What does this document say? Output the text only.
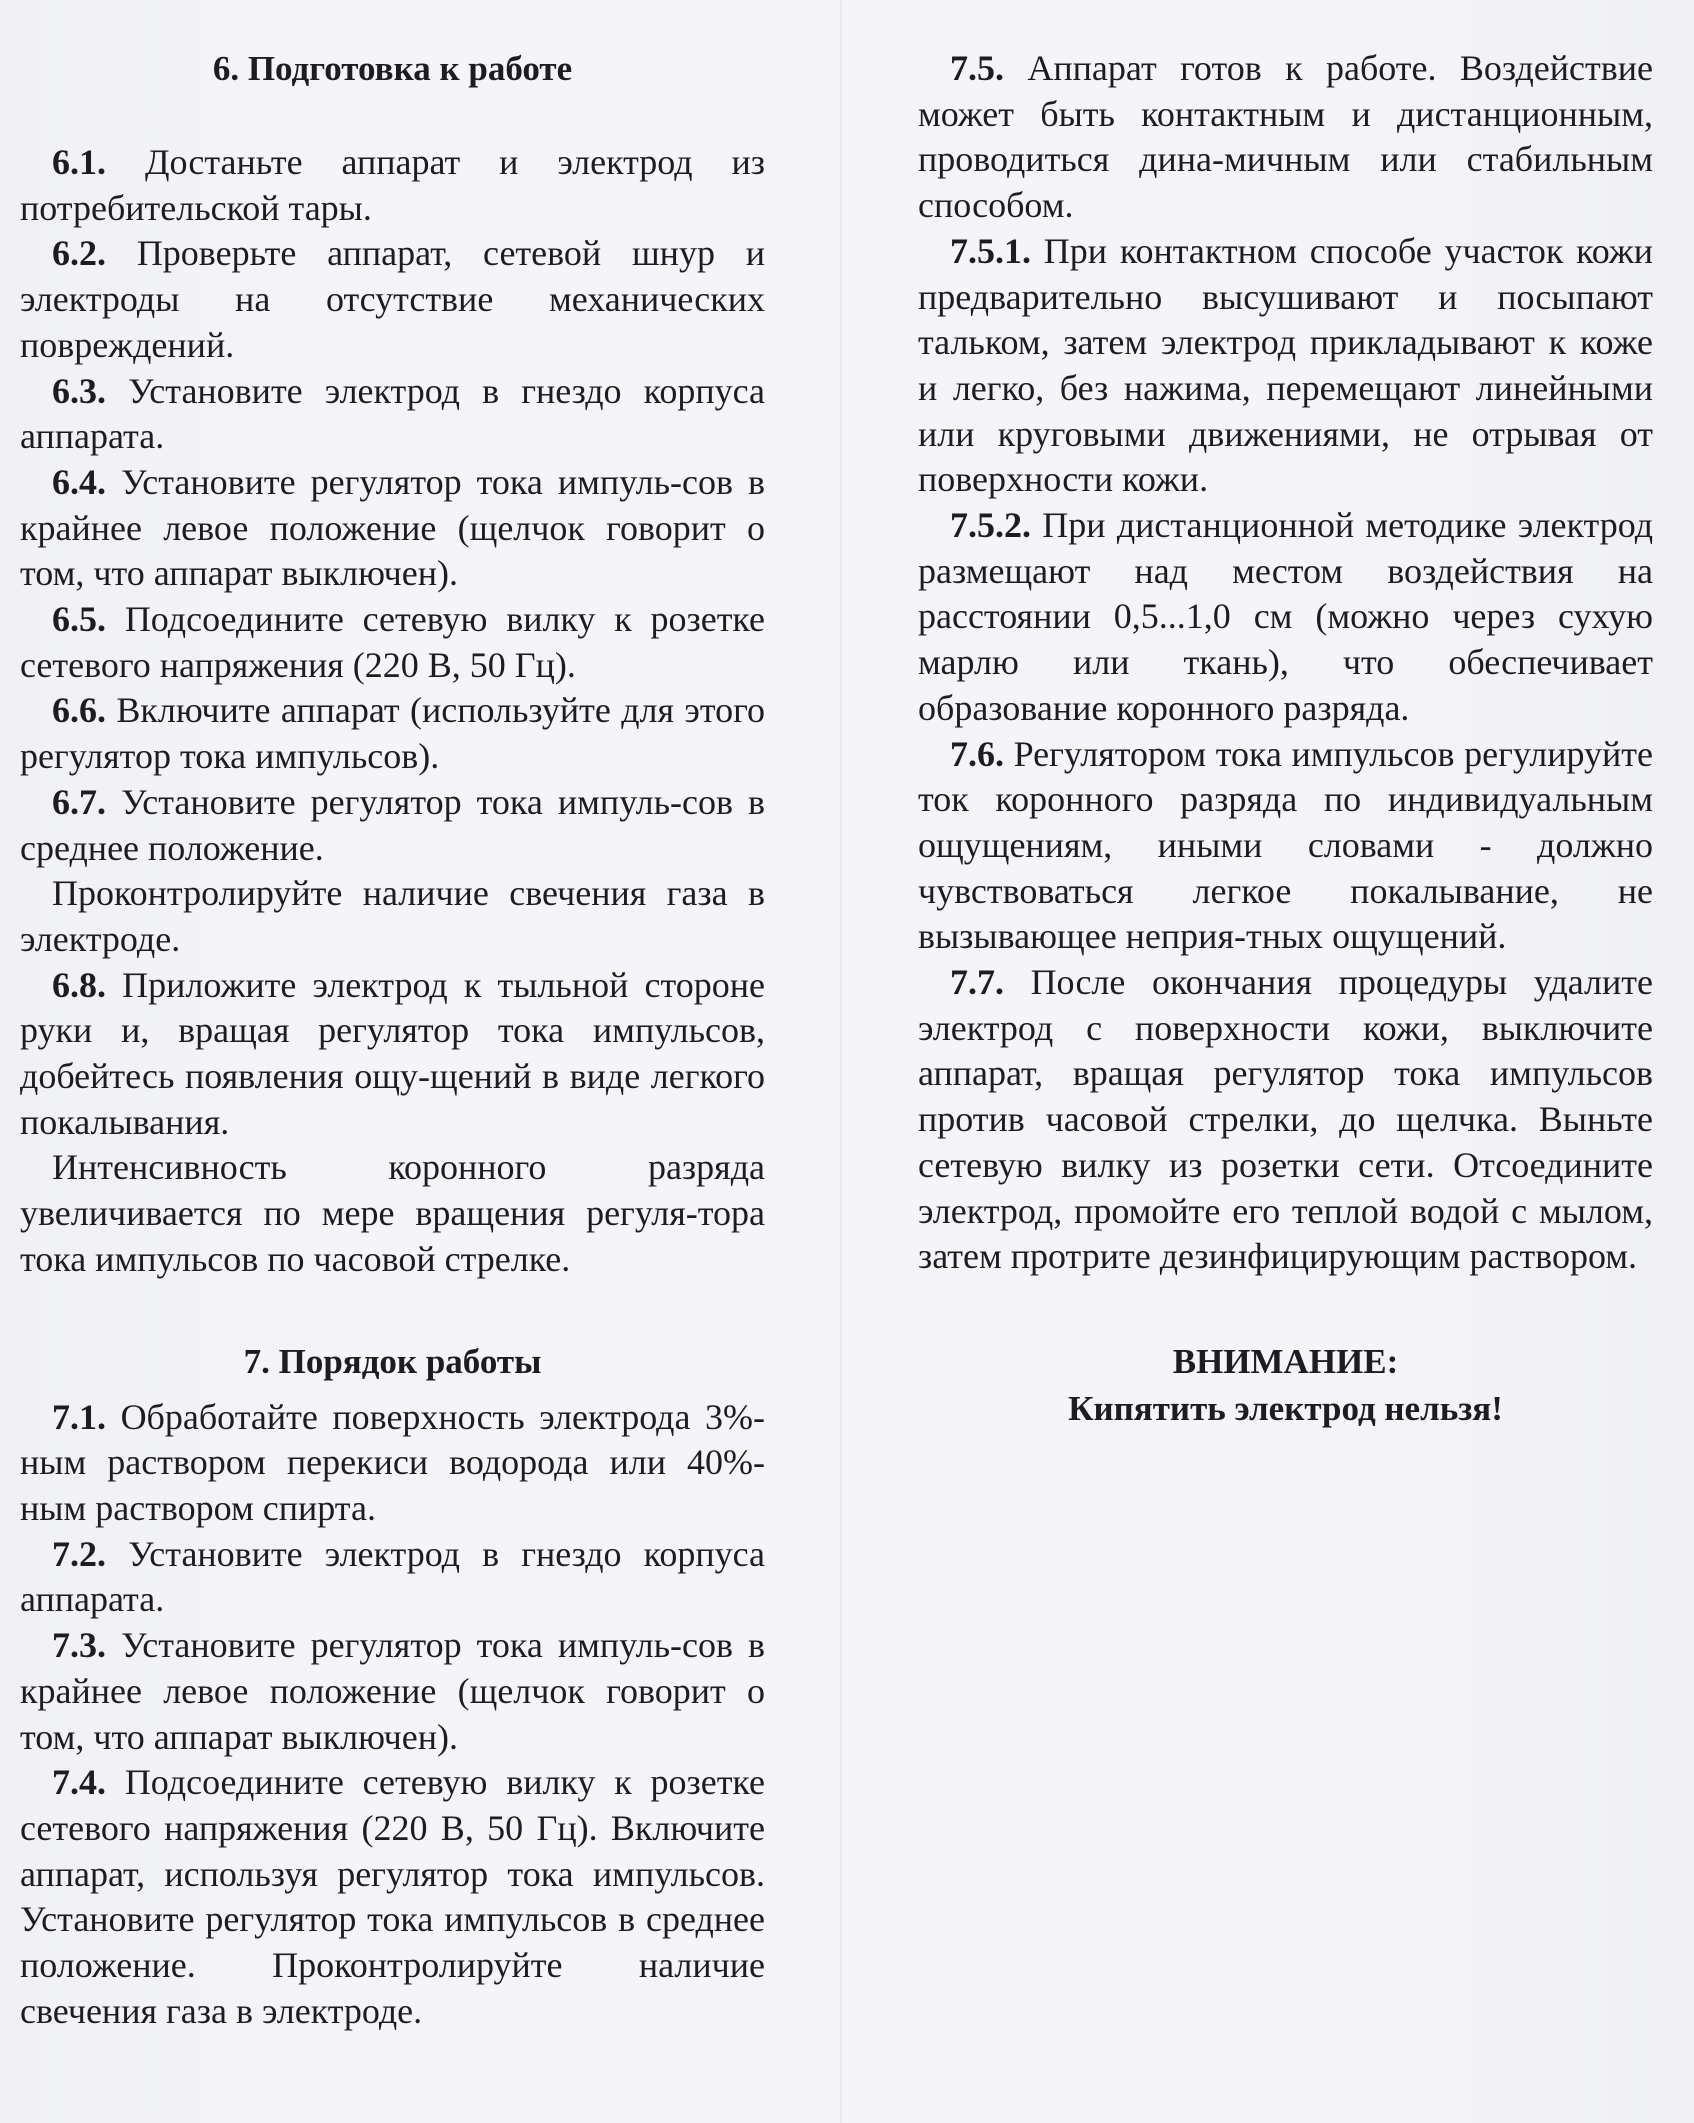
6. Подготовка к работе

6.1. Достаньте аппарат и электрод из потребительской тары.

6.2. Проверьте аппарат, сетевой шнур и электроды на отсутствие механических повреждений.

6.3. Установите электрод в гнездо корпуса аппарата.

6.4. Установите регулятор тока импуль-сов в крайнее левое положение (щелчок говорит о том, что аппарат выключен).

6.5. Подсоедините сетевую вилку к розетке сетевого напряжения (220 В, 50 Гц).

6.6. Включите аппарат (используйте для этого регулятор тока импульсов).

6.7. Установите регулятор тока импуль-сов в среднее положение.

Проконтролируйте наличие свечения газа в электроде.

6.8. Приложите электрод к тыльной стороне руки и, вращая регулятор тока импульсов, добейтесь появления ощу-щений в виде легкого покалывания.

Интенсивность коронного разряда увеличивается по мере вращения регуля-тора тока импульсов по часовой стрелке.

7. Порядок работы

7.1. Обработайте поверхность электрода 3%-ным раствором перекиси водорода или 40%-ным раствором спирта.

7.2. Установите электрод в гнездо корпуса аппарата.

7.3. Установите регулятор тока импуль-сов в крайнее левое положение (щелчок говорит о том, что аппарат выключен).

7.4. Подсоедините сетевую вилку к розетке сетевого напряжения (220 В, 50 Гц). Включите аппарат, используя регулятор тока импульсов. Установите регулятор тока импульсов в среднее положение. Проконтролируйте наличие свечения газа в электроде.

7.5. Аппарат готов к работе. Воздействие может быть контактным и дистанционным, проводиться дина-мичным или стабильным способом.

7.5.1. При контактном способе участок кожи предварительно высушивают и посыпают тальком, затем электрод прикладывают к коже и легко, без нажима, перемещают линейными или круговыми движениями, не отрывая от поверхности кожи.

7.5.2. При дистанционной методике электрод размещают над местом воздействия на расстоянии 0,5...1,0 см (можно через сухую марлю или ткань), что обеспечивает образование коронного разряда.

7.6. Регулятором тока импульсов регулируйте ток коронного разряда по индивидуальным ощущениям, иными словами - должно чувствоваться легкое покалывание, не вызывающее неприя-тных ощущений.

7.7. После окончания процедуры удалите электрод с поверхности кожи, выключите аппарат, вращая регулятор тока импульсов против часовой стрелки, до щелчка. Выньте сетевую вилку из розетки сети. Отсоедините электрод, промойте его теплой водой с мылом, затем протрите дезинфицирующим раствором.

ВНИМАНИЕ:
Кипятить электрод нельзя!
